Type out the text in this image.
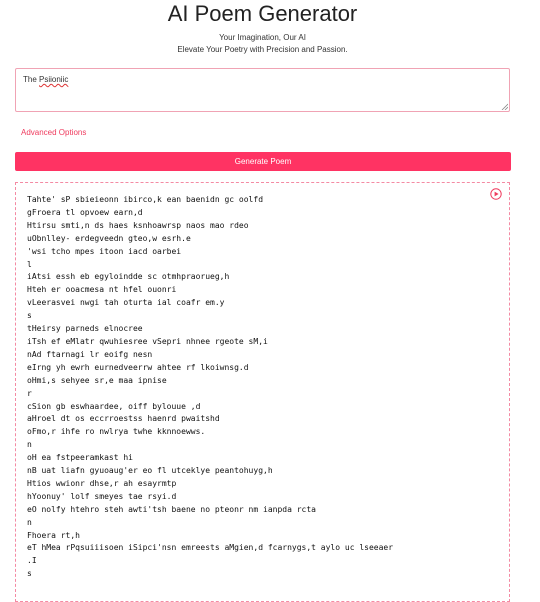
AI Poem Generator
Your Imagination, Our AI
Elevate Your Poetry with Precision and Passion.
The Psiioniic
Advanced Options
Generate Poem
Tahte' sP sbieieonn ibirco,k ean baenidn gc oolfd
gFroera tl opvoew earn,d
Htirsu smti,n ds haes ksnhoawrsp naos mao rdeo
uObnlley- erdegveedn gteo,w esrh.e
'wsi tcho mpes itoon iacd oarbei
l
iAtsi essh eb egyloindde sc otmhpraorueg,h
Hteh er ooacmesa nt hfel ouonri
vLeerasvei nwgi tah oturta ial coafr em.y
s
tHeirsy parneds elnocree
iTsh ef eMlatr qwuhiesree vSepri nhnee rgeote sM,i
nAd ftarnagi lr eoifg nesn
eIrng yh ewrh eurnedveerrw ahtee rf lkoiwnsg.d
oHmi,s sehyee sr,e maa ipnise
r
cSion gb eswhaardee, oiff bylouue ,d
aHroel dt os eccrroestss haenrd pwaitshd
oFmo,r ihfe ro nwlrya twhe kknnoewws.
n
oH ea fstpeeramkast hi
nB uat liafn gyuoaug'er eo fl utceklye peantohuyg,h
Htios wwionr dhse,r ah esayrmtp
hYoonuy' lolf smeyes tae rsyi.d
eO nolfy htehro steh awti'tsh baene no pteonr nm ianpda rcta
n
Fhoera rt,h
eT hMea rPqsuiiisoen iSipci'nsn emreests aMgien,d fcarnygs,t aylo uc lseeaer
.I
s
